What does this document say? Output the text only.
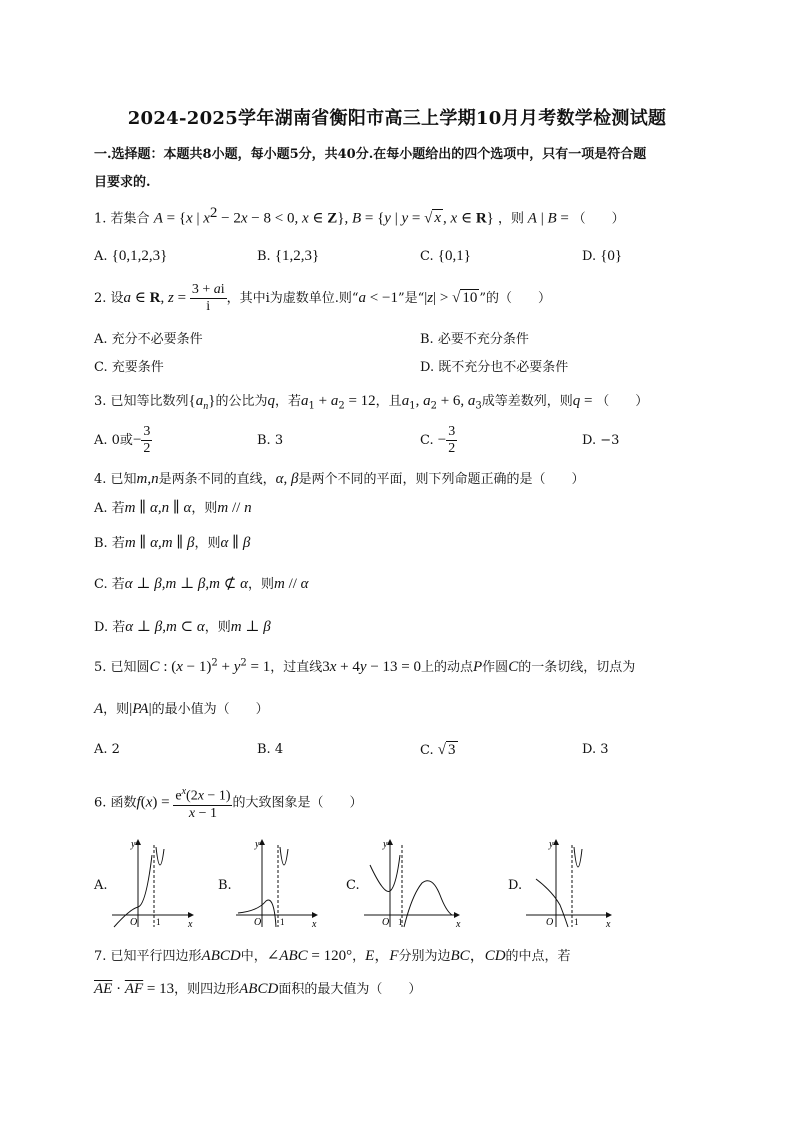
2024-2025学年湖南省衡阳市高三上学期10月月考数学检测试题
一.选择题：本题共8小题，每小题5分，共40分.在每小题给出的四个选项中，只有一项是符合题
目要求的.
1. 若集合 A = {x | $x^2 - 2x - 8 < 0$, x ∈ Z}, B = {y | y = √ x , x ∈ R} ，则 A | B = （　　）
A. {0,1,2,3}	B. {1,2,3}	C. {0,1}	D. {0}
2. 设a ∈ R, $z = \frac{3 + ai}{i}$ ，其中i为虚数单位.则“a < −1”是“|z| > √ 10 ”的（　　）
A. 充分不必要条件	B. 必要不充分条件
C. 充要条件	D. 既不充分也不必要条件
3. 已知等比数列$\{a_n\}$的公比为q，若$a_1 + a_2 = 12$，且$a_1$, $a_2 + 6$, $a_3$成等差数列，则q = （　　）
A. 0或− $\frac{3}{2}$	B. 3	C. − $\frac{3}{2}$	D. −3
4. 已知m,n是两条不同的直线，α, β是两个不同的平面，则下列命题正确的是（　　）
A. 若m ∥ α,n ∥ α，则m // n
B. 若m ∥ α,m ∥ β，则α ∥ β
C. 若α ⊥ β,m ⊥ β,m ⊄ α，则m // α
D. 若α ⊥ β,m ⊂ α，则m ⊥ β
5. 已知圆C : $(x - 1)^2 + y^2 = 1$，过直线3x + 4y − 13 = 0上的动点P作圆C的一条切线，切点为
A，则|PA|的最小值为（　　）
A. 2	B. 4	C. √ 3	D. 3
6. 函数$f(x) = \frac{e^x(2x - 1)}{x - 1}$ 的大致图象是（　　）
A.
y
O 1	x
B.
y
O 1	x
C.
y
O 1	x
D.
y
O 1	x
7. 已知平行四边形ABCD中，∠ABC = 120°，E，F分别为边BC，CD的中点，若
$\overline{AE} \cdot \overline{AF} = 13$，则四边形ABCD面积的最大值为（　　）
